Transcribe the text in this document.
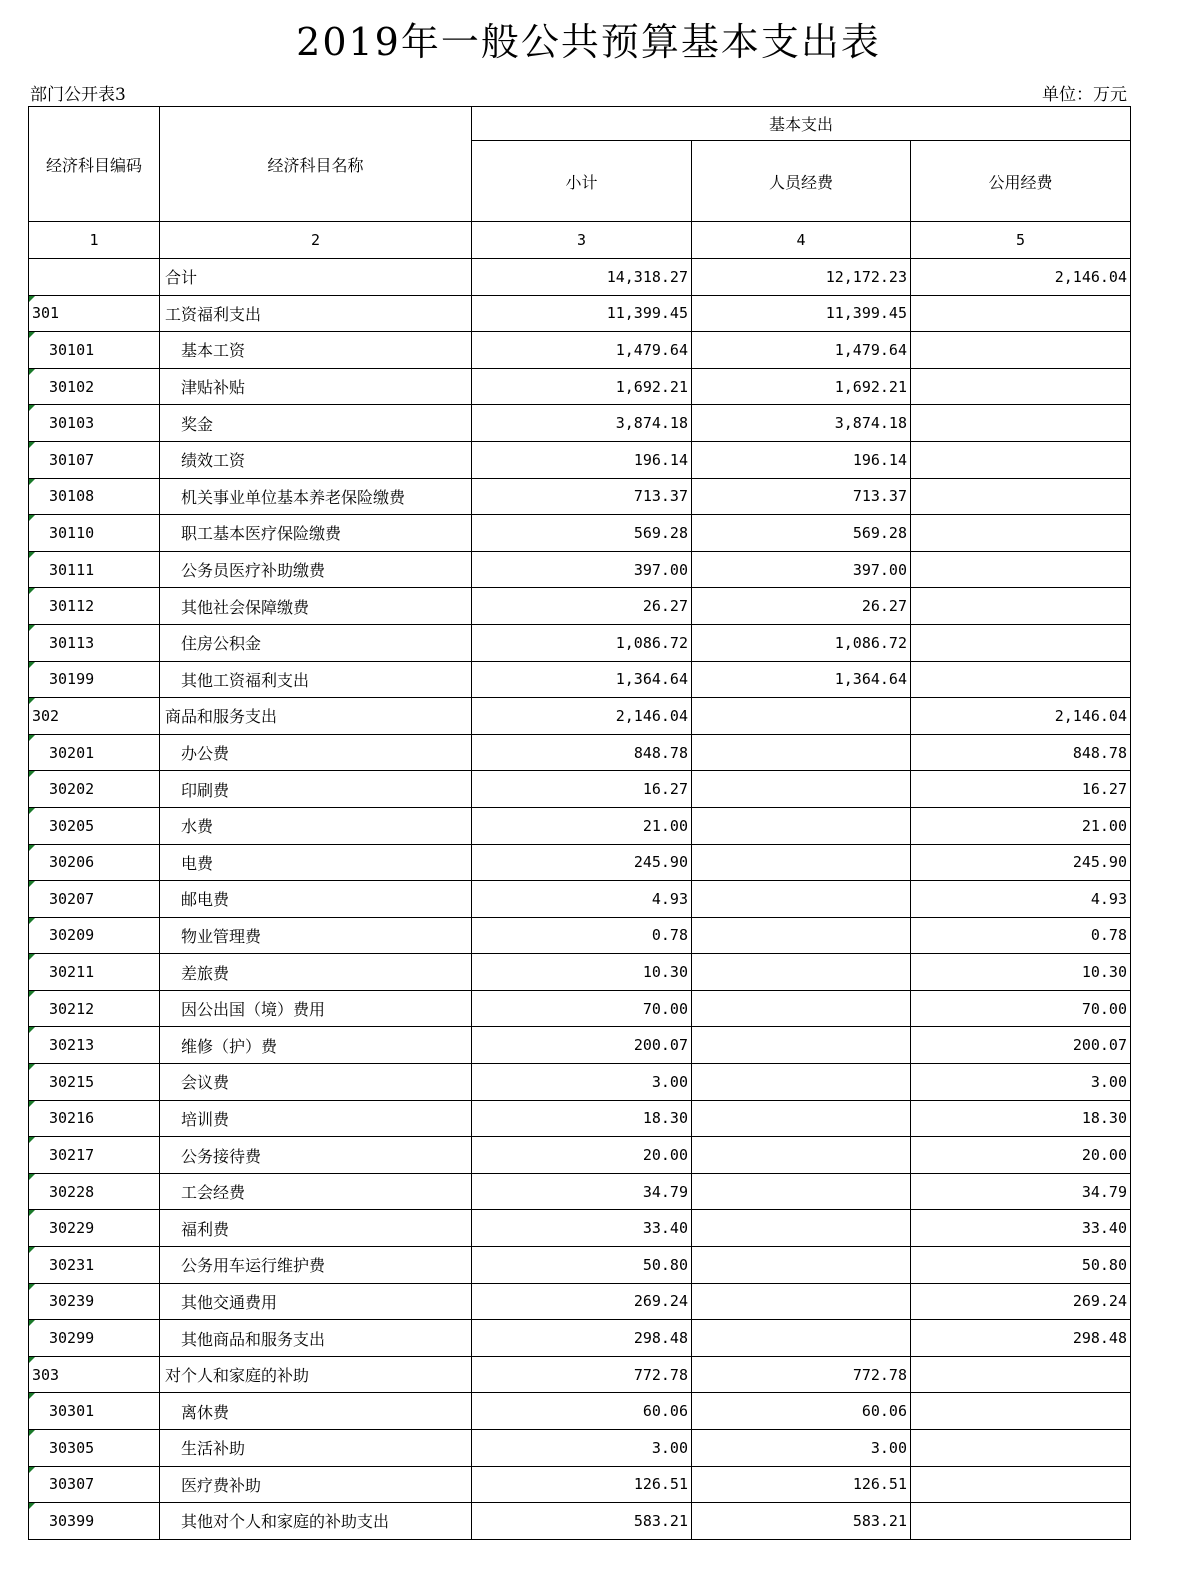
2019年一般公共预算基本支出表
部门公开表3	单位：万元
经济科目编码	经济科目名称	基本支出		
		小计	人员经费	公用经费
1	2	3	4	5
	合计	14,318.27	12,172.23	2,146.04
301	工资福利支出	11,399.45	11,399.45	
30101	基本工资	1,479.64	1,479.64	
30102	津贴补贴	1,692.21	1,692.21	
30103	奖金	3,874.18	3,874.18	
30107	绩效工资	196.14	196.14	
30108	机关事业单位基本养老保险缴费	713.37	713.37	
30110	职工基本医疗保险缴费	569.28	569.28	
30111	公务员医疗补助缴费	397.00	397.00	
30112	其他社会保障缴费	26.27	26.27	
30113	住房公积金	1,086.72	1,086.72	
30199	其他工资福利支出	1,364.64	1,364.64	
302	商品和服务支出	2,146.04		2,146.04
30201	办公费	848.78		848.78
30202	印刷费	16.27		16.27
30205	水费	21.00		21.00
30206	电费	245.90		245.90
30207	邮电费	4.93		4.93
30209	物业管理费	0.78		0.78
30211	差旅费	10.30		10.30
30212	因公出国（境）费用	70.00		70.00
30213	维修（护）费	200.07		200.07
30215	会议费	3.00		3.00
30216	培训费	18.30		18.30
30217	公务接待费	20.00		20.00
30228	工会经费	34.79		34.79
30229	福利费	33.40		33.40
30231	公务用车运行维护费	50.80		50.80
30239	其他交通费用	269.24		269.24
30299	其他商品和服务支出	298.48		298.48
303	对个人和家庭的补助	772.78	772.78	
30301	离休费	60.06	60.06	
30305	生活补助	3.00	3.00	
30307	医疗费补助	126.51	126.51	
30399	其他对个人和家庭的补助支出	583.21	583.21	
